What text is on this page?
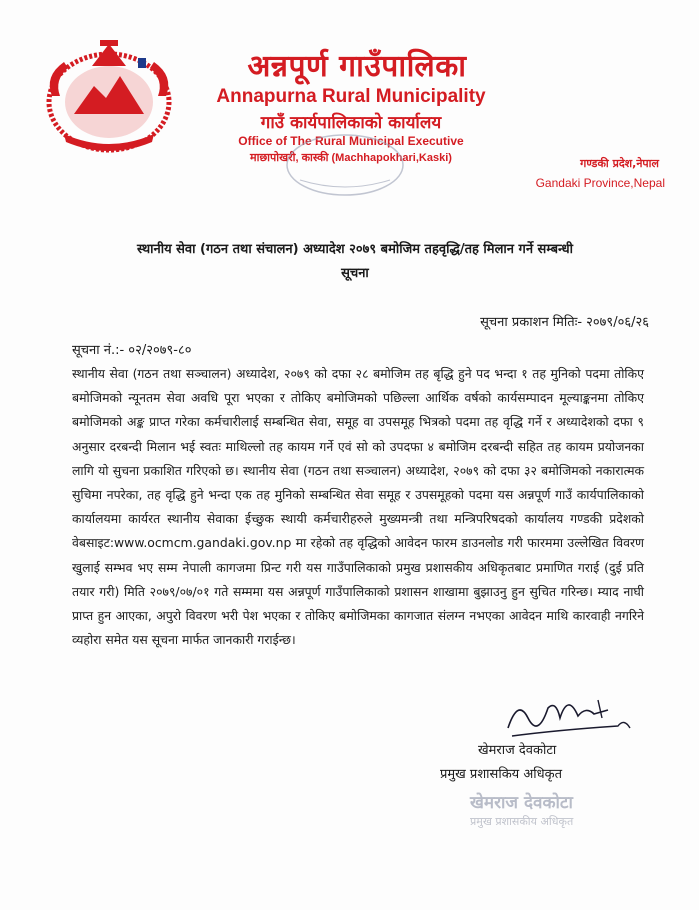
अन्नपूर्ण गाउँपालिका
Annapurna Rural Municipality
गाउँ कार्यपालिकाको कार्यालय
Office of The Rural Municipal Executive
माछापोखरी, कास्की (Machhapokhari,Kaski)	गण्डकी प्रदेश,नेपाल
Gandaki Province,Nepal
स्थानीय सेवा (गठन तथा संचालन) अध्यादेश २०७९ बमोजिम तहवृद्धि/तह मिलान गर्ने सम्बन्धी
सूचना
सूचना प्रकाशन मितिः- २०७९/०६/२६
सूचना नं.:- ०२/२०७९-८०
स्थानीय सेवा (गठन तथा सञ्चालन) अध्यादेश, २०७९ को दफा २८ बमोजिम तह बृद्धि हुने पद भन्दा १ तह मुनिको पदमा तोकिए बमोजिमको न्यूनतम सेवा अवधि पूरा भएका र तोकिए बमोजिमको पछिल्ला आर्थिक वर्षको कार्यसम्पादन मूल्याङ्कनमा तोकिए बमोजिमको अङ्क प्राप्त गरेका कर्मचारीलाई सम्बन्धित सेवा, समूह वा उपसमूह भित्रको पदमा तह वृद्धि गर्ने र अध्यादेशको दफा ९ अनुसार दरबन्दी मिलान भई स्वतः माथिल्लो तह कायम गर्ने एवं सो को उपदफा ४ बमोजिम दरबन्दी सहित तह कायम प्रयोजनका लागि यो सुचना प्रकाशित गरिएको छ। स्थानीय सेवा (गठन तथा सञ्चालन) अध्यादेश, २०७९ को दफा ३२ बमोजिमको नकारात्मक सुचिमा नपरेका, तह वृद्धि हुने भन्दा एक तह मुनिको सम्बन्धित सेवा समूह र उपसमूहको पदमा यस अन्नपूर्ण गाउँ कार्यपालिकाको कार्यालयमा कार्यरत स्थानीय सेवाका ईच्छुक स्थायी कर्मचारीहरुले मुख्यमन्त्री तथा मन्त्रिपरिषदको कार्यालय गण्डकी प्रदेशको वेबसाइट:www.ocmcm.gandaki.gov.np मा रहेको तह वृद्धिको आवेदन फारम डाउनलोड गरी फारममा उल्लेखित विवरण खुलाई सम्भव भए सम्म नेपाली कागजमा प्रिन्ट गरी यस गाउँपालिकाको प्रमुख प्रशासकीय अधिकृतबाट प्रमाणित गराई (दुई प्रति तयार गरी) मिति २०७९/०७/०१ गते सम्ममा यस अन्नपूर्ण गाउँपालिकाको प्रशासन शाखामा बुझाउनु हुन सुचित गरिन्छ। म्याद नाघी प्राप्त हुन आएका, अपुरो विवरण भरी पेश भएका र तोकिए बमोजिमका कागजात संलग्न नभएका आवेदन माथि कारवाही नगरिने व्यहोरा समेत यस सूचना मार्फत जानकारी गराईन्छ।
खेमराज देवकोटा
प्रमुख प्रशासकिय अधिकृत
खेमराज देवकोटा
प्रमुख प्रशासकीय अधिकृत
